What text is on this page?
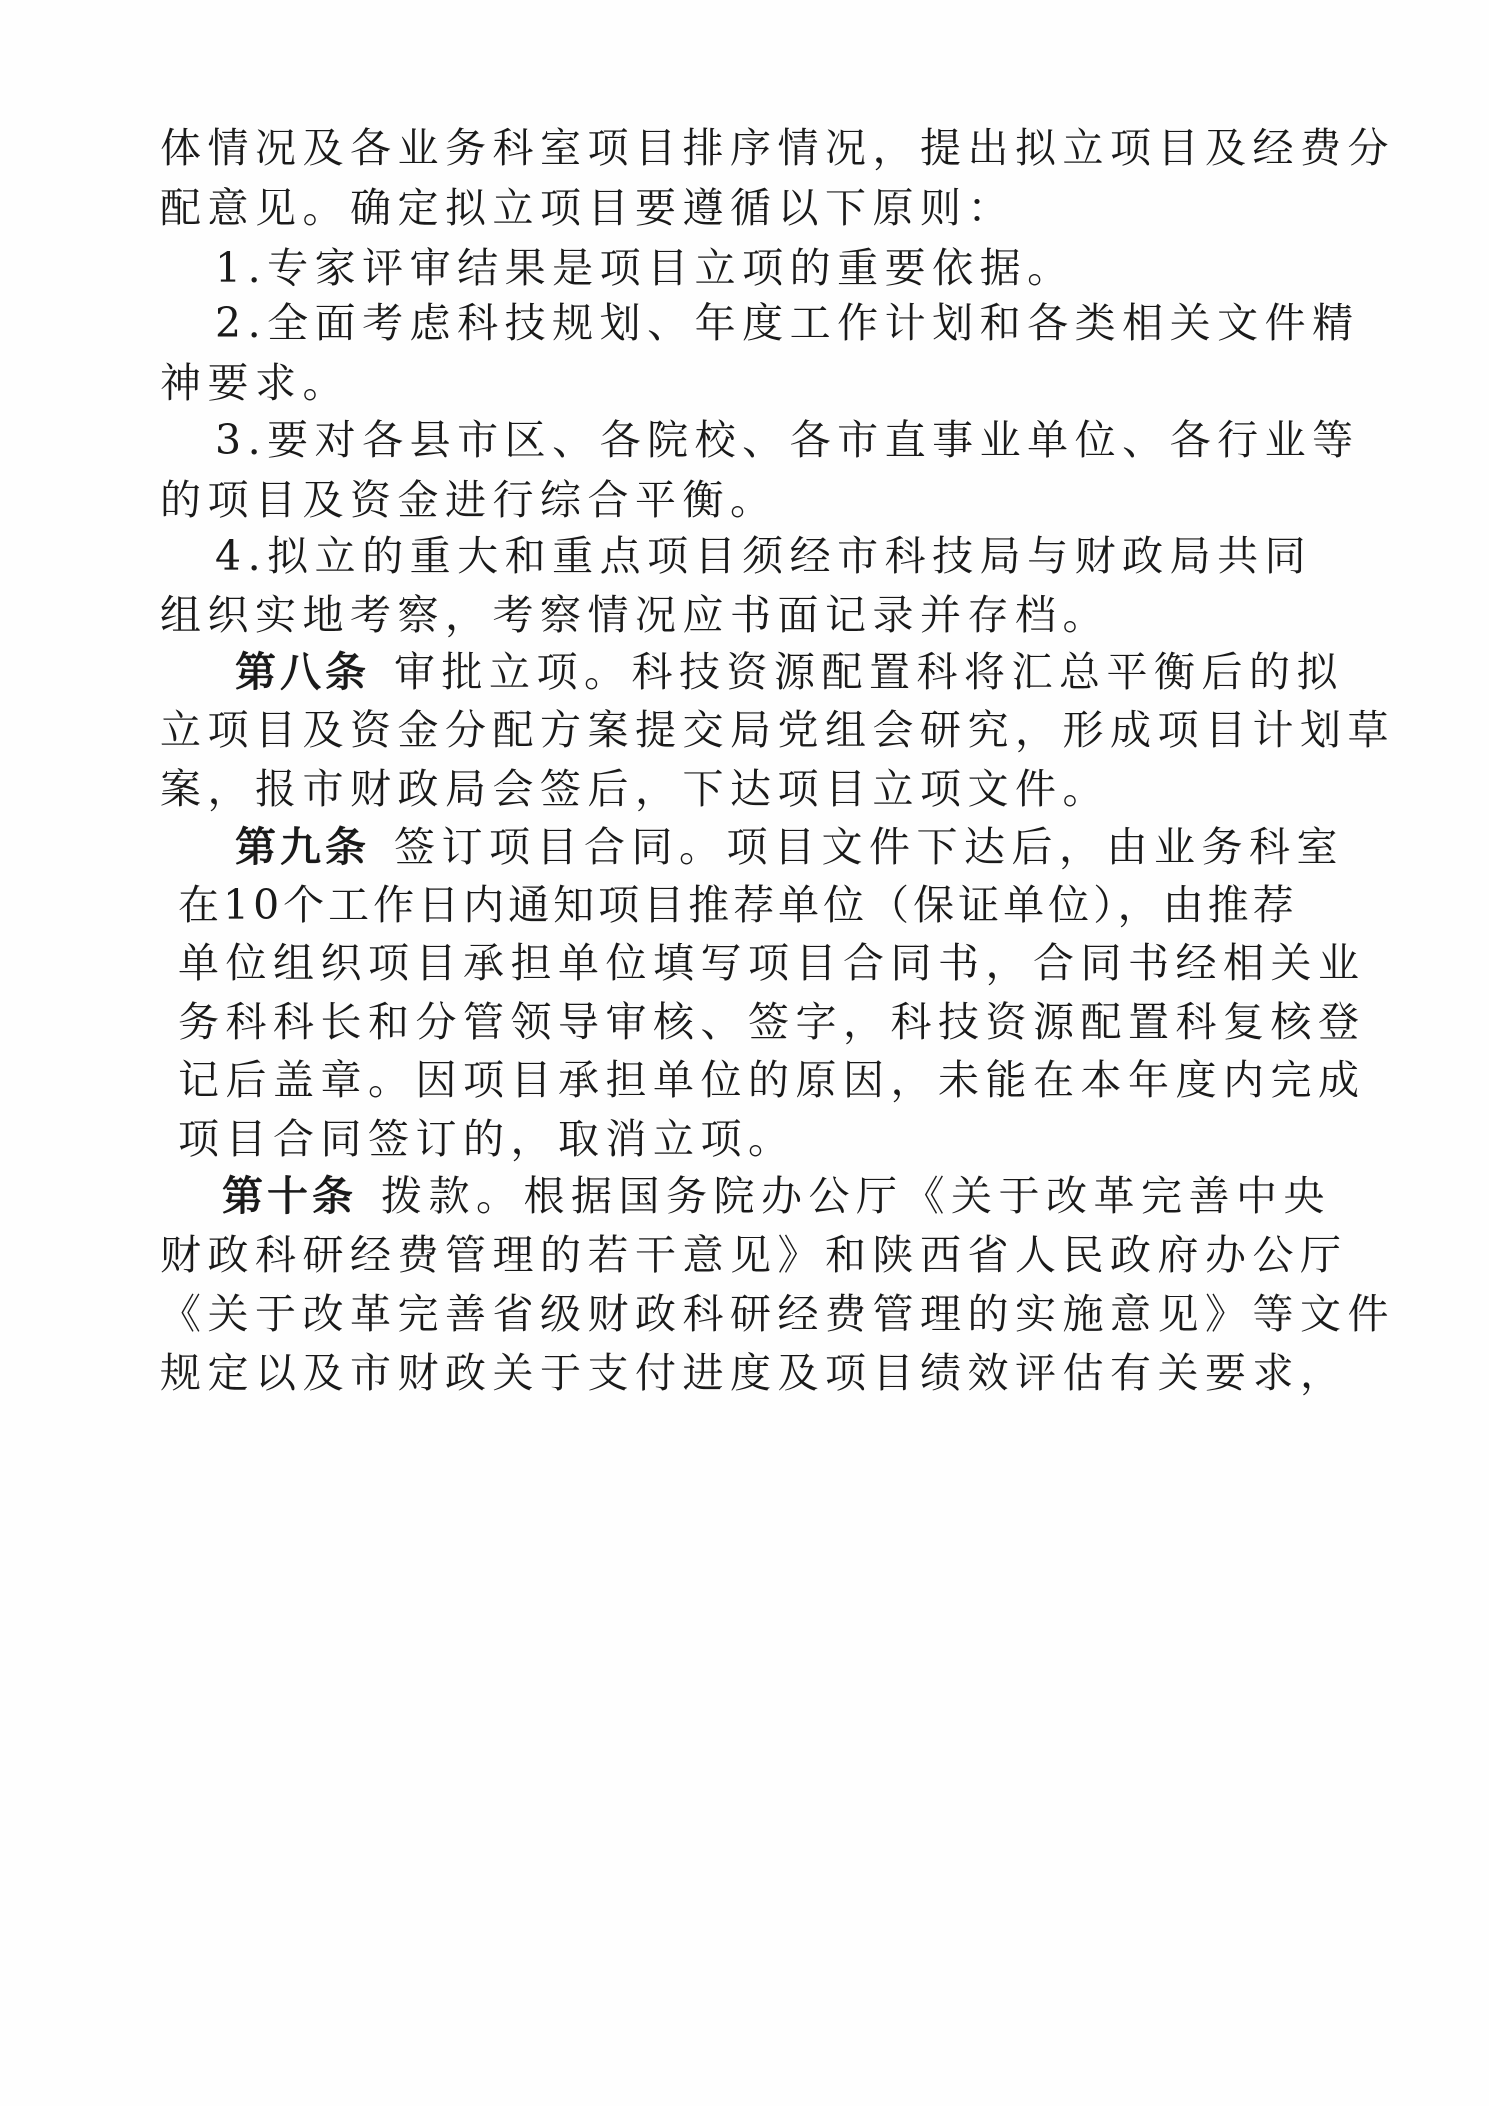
体情况及各业务科室项目排序情况，提出拟立项目及经费分
配意见。确定拟立项目要遵循以下原则：
1.专家评审结果是项目立项的重要依据。
2.全面考虑科技规划、年度工作计划和各类相关文件精
神要求。
3.要对各县市区、各院校、各市直事业单位、各行业等
的项目及资金进行综合平衡。
4.拟立的重大和重点项目须经市科技局与财政局共同
组织实地考察，考察情况应书面记录并存档。
第八条 审批立项。科技资源配置科将汇总平衡后的拟
立项目及资金分配方案提交局党组会研究，形成项目计划草
案，报市财政局会签后，下达项目立项文件。
第九条 签订项目合同。项目文件下达后，由业务科室
在10个工作日内通知项目推荐单位（保证单位），由推荐
单位组织项目承担单位填写项目合同书，合同书经相关业
务科科长和分管领导审核、签字，科技资源配置科复核登
记后盖章。因项目承担单位的原因，未能在本年度内完成
项目合同签订的，取消立项。
第十条 拨款。根据国务院办公厅《关于改革完善中央
财政科研经费管理的若干意见》和陕西省人民政府办公厅
《关于改革完善省级财政科研经费管理的实施意见》等文件
规定以及市财政关于支付进度及项目绩效评估有关要求，
